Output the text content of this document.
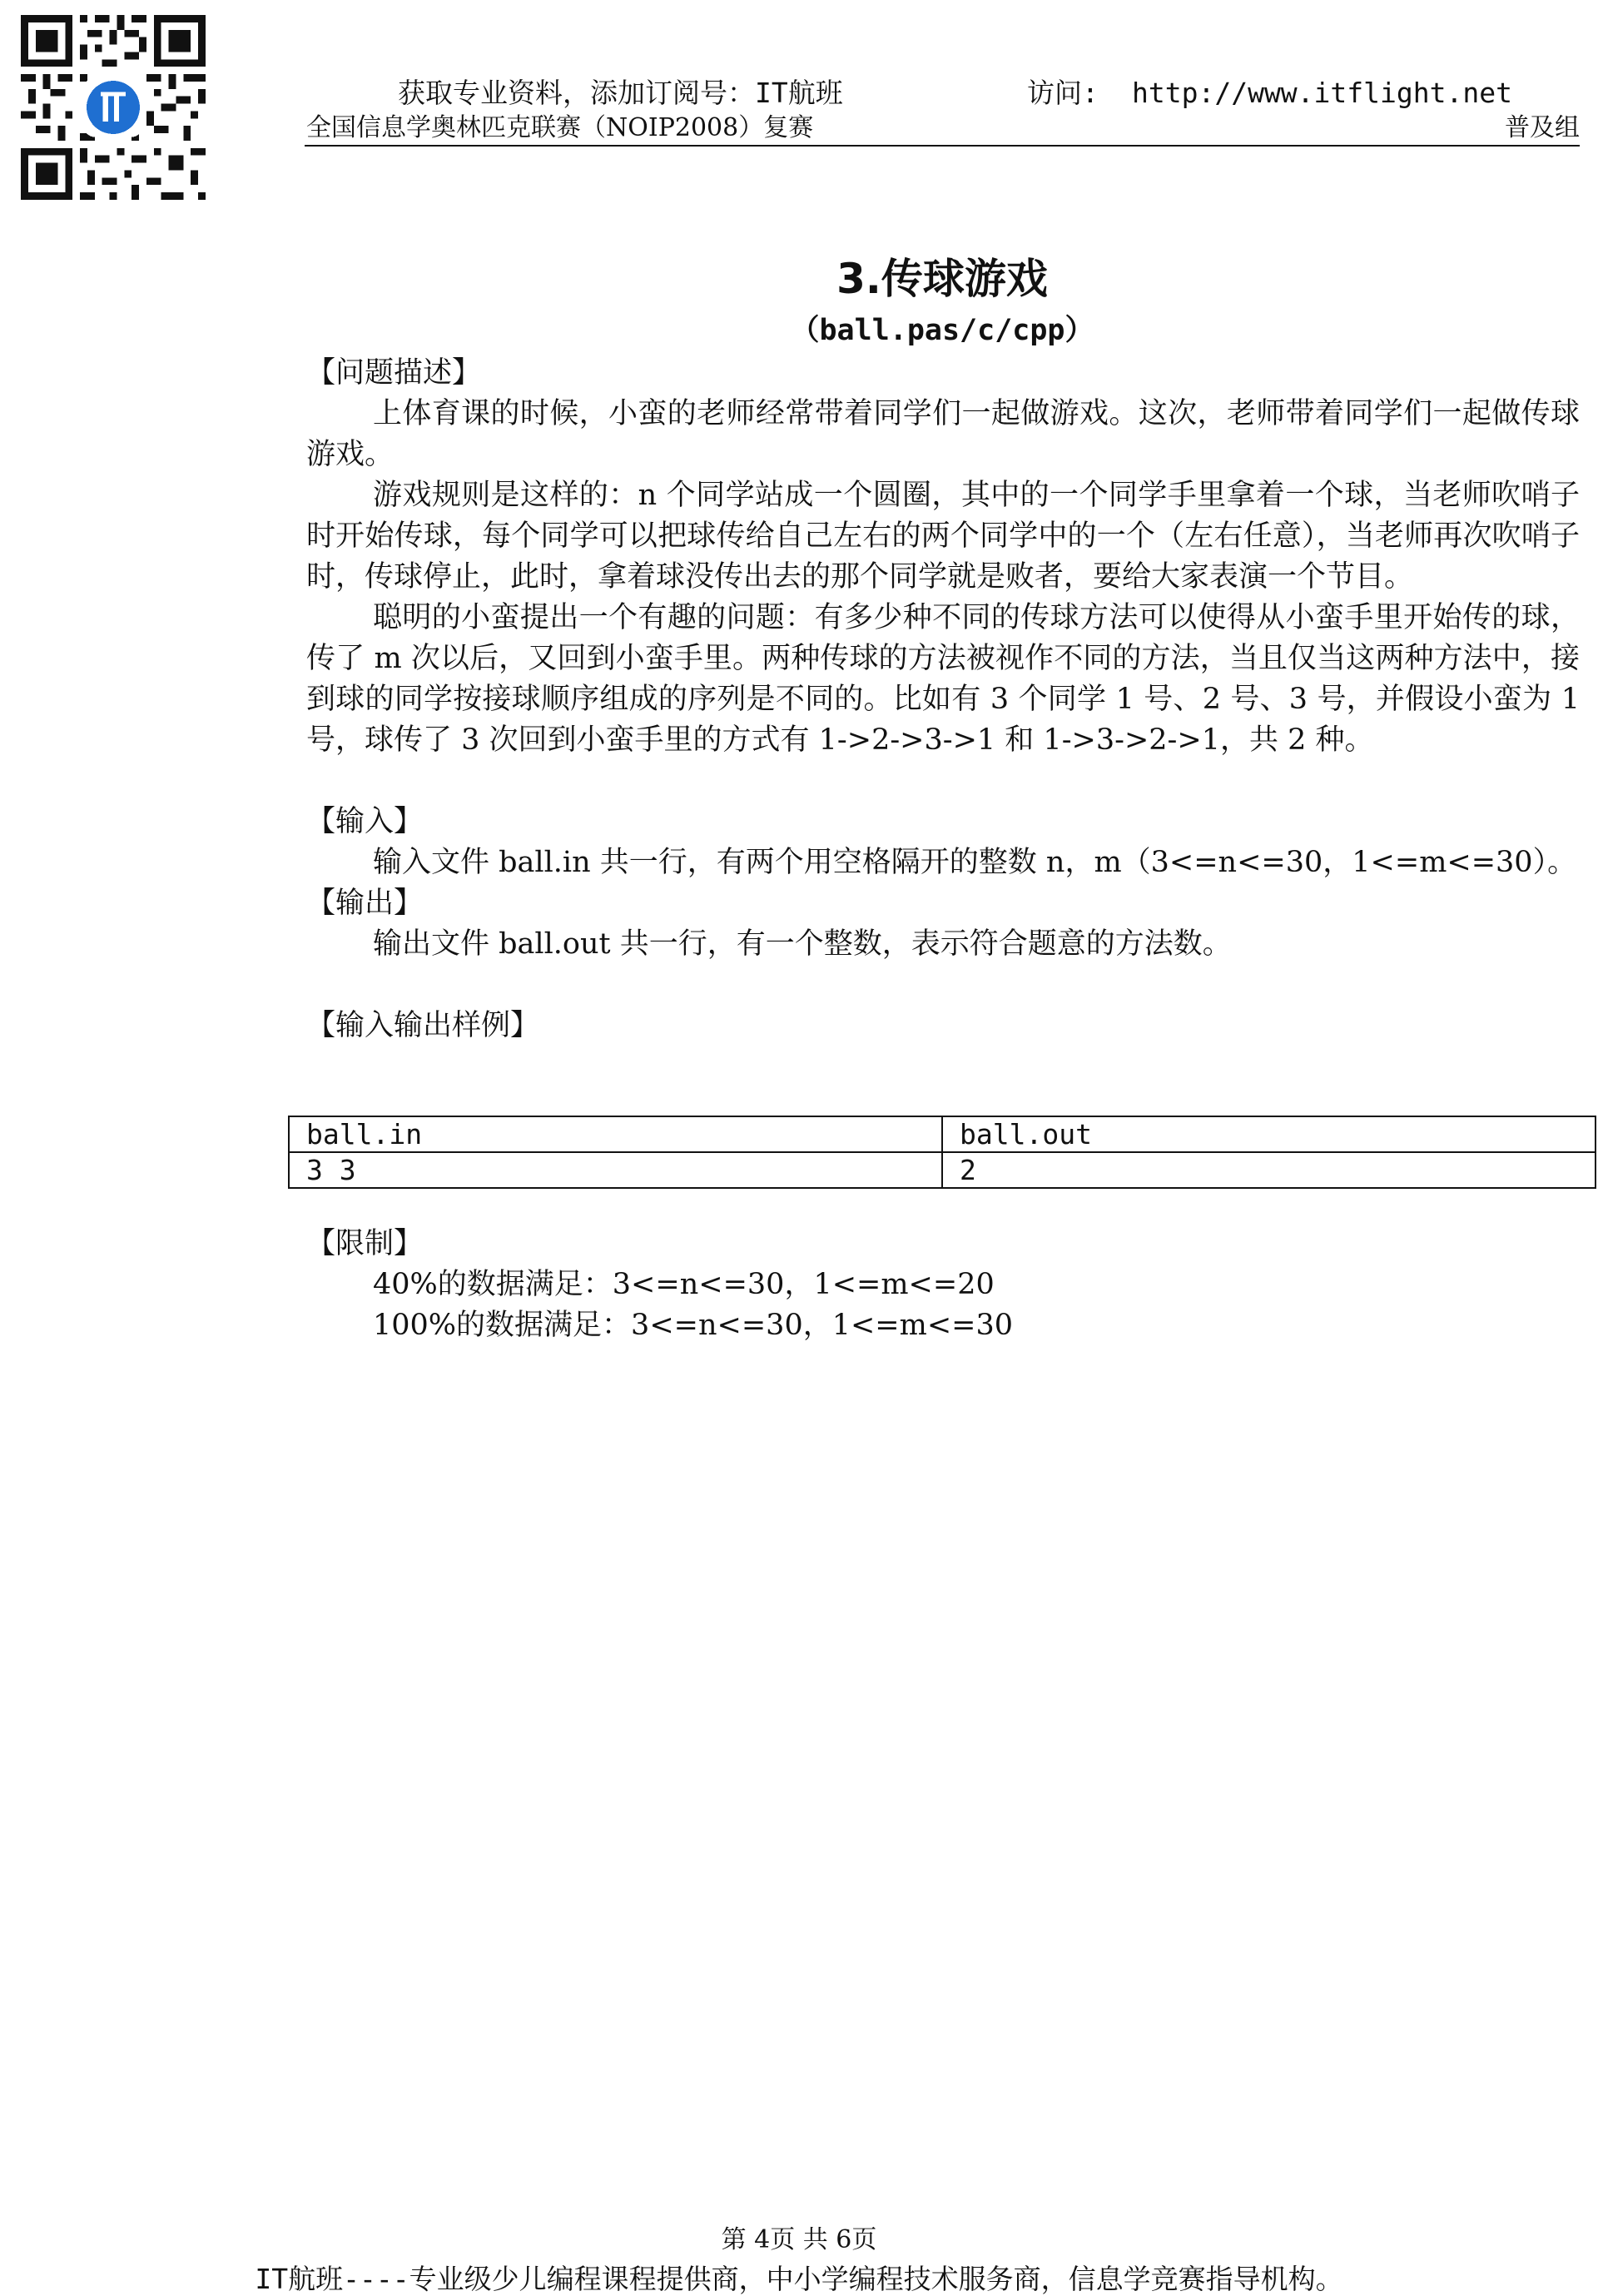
获取专业资料，添加订阅号：IT航班	访问: http://www.itflight.net
全国信息学奥林匹克联赛（NOIP2008）复赛	普及组
3.传球游戏
（ball.pas/c/cpp）

【问题描述】

上体育课的时候，小蛮的老师经常带着同学们一起做游戏。这次，老师带着同学们一起做传球游戏。

游戏规则是这样的：n 个同学站成一个圆圈，其中的一个同学手里拿着一个球，当老师吹哨子时开始传球，每个同学可以把球传给自己左右的两个同学中的一个（左右任意），当老师再次吹哨子时，传球停止，此时，拿着球没传出去的那个同学就是败者，要给大家表演一个节目。

聪明的小蛮提出一个有趣的问题：有多少种不同的传球方法可以使得从小蛮手里开始传的球，传了 m 次以后，又回到小蛮手里。两种传球的方法被视作不同的方法，当且仅当这两种方法中，接到球的同学按接球顺序组成的序列是不同的。比如有 3 个同学 1 号、2 号、3 号，并假设小蛮为 1 号，球传了 3 次回到小蛮手里的方式有 1->2->3->1 和 1->3->2->1，共 2 种。

【输入】

输入文件 ball.in 共一行，有两个用空格隔开的整数 n，m（3<=n<=30，1<=m<=30）。

【输出】

输出文件 ball.out 共一行，有一个整数，表示符合题意的方法数。

【输入输出样例】

ball.in	ball.out
3 3	2

【限制】

40%的数据满足：3<=n<=30，1<=m<=20

100%的数据满足：3<=n<=30，1<=m<=30

第 4页 共 6页
IT航班----专业级少儿编程课程提供商，中小学编程技术服务商，信息学竞赛指导机构。
